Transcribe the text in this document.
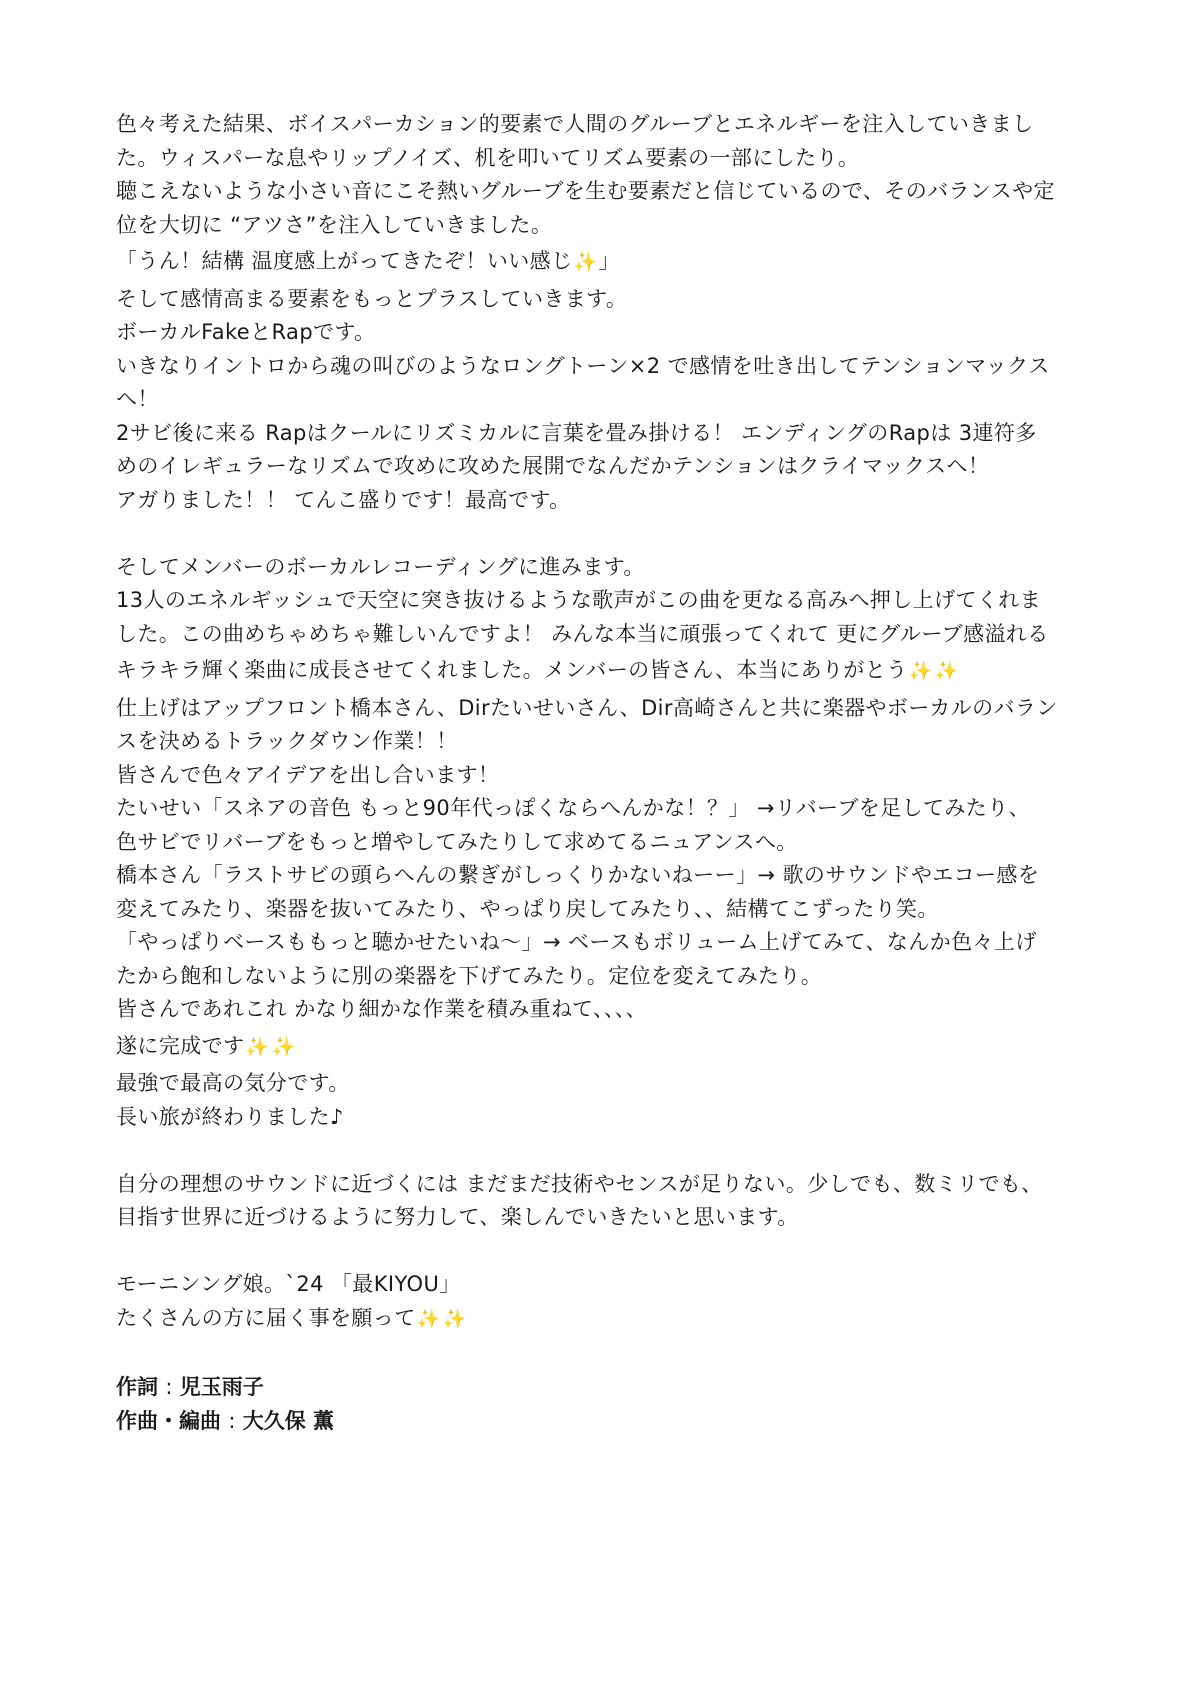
色々考えた結果、ボイスパーカション的要素で人間のグルーブとエネルギーを注入していきまし
た。ウィスパーな息やリップノイズ、机を叩いてリズム要素の一部にしたり。
聴こえないような小さい音にこそ熱いグルーブを生む要素だと信じているので、そのバランスや定
位を大切に “アツさ”を注入していきました。
「うん！結構 温度感上がってきたぞ！いい感じ✨」
そして感情高まる要素をもっとプラスしていきます。
ボーカルFakeとRapです。
いきなりイントロから魂の叫びのようなロングトーン×2 で感情を吐き出してテンションマックス
へ！
2サビ後に来る Rapはクールにリズミカルに言葉を畳み掛ける！ エンディングのRapは 3連符多
めのイレギュラーなリズムで攻めに攻めた展開でなんだかテンションはクライマックスへ！
アガりました！！ てんこ盛りです！最高です。
そしてメンバーのボーカルレコーディングに進みます。
13人のエネルギッシュで天空に突き抜けるような歌声がこの曲を更なる高みへ押し上げてくれま
した。この曲めちゃめちゃ難しいんですよ！ みんな本当に頑張ってくれて 更にグルーブ感溢れる
キラキラ輝く楽曲に成長させてくれました。メンバーの皆さん、本当にありがとう✨ ✨
仕上げはアップフロント橋本さん、Dirたいせいさん、Dir高崎さんと共に楽器やボーカルのバラン
スを決めるトラックダウン作業！！
皆さんで色々アイデアを出し合います！
たいせい「スネアの音色 もっと90年代っぽくならへんかな！？」 →リバーブを足してみたり、
色サビでリバーブをもっと増やしてみたりして求めてるニュアンスへ。
橋本さん「ラストサビの頭らへんの繋ぎがしっくりかないねーー」→ 歌のサウンドやエコー感を
変えてみたり、楽器を抜いてみたり、やっぱり戻してみたり、、結構てこずったり笑。
「やっぱりベースももっと聴かせたいね〜」→ ベースもボリューム上げてみて、なんか色々上げ
たから飽和しないように別の楽器を下げてみたり。定位を変えてみたり。
皆さんであれこれ かなり細かな作業を積み重ねて、、、、
遂に完成です✨ ✨
最強で最高の気分です。
長い旅が終わりました♪
自分の理想のサウンドに近づくには まだまだ技術やセンスが足りない。少しでも、数ミリでも、
目指す世界に近づけるように努力して、楽しんでいきたいと思います。
モーニンング娘。`24 「最KIYOU」
たくさんの方に届く事を願って✨ ✨
作詞 : 児玉雨子
作曲・編曲 : 大久保 薫
